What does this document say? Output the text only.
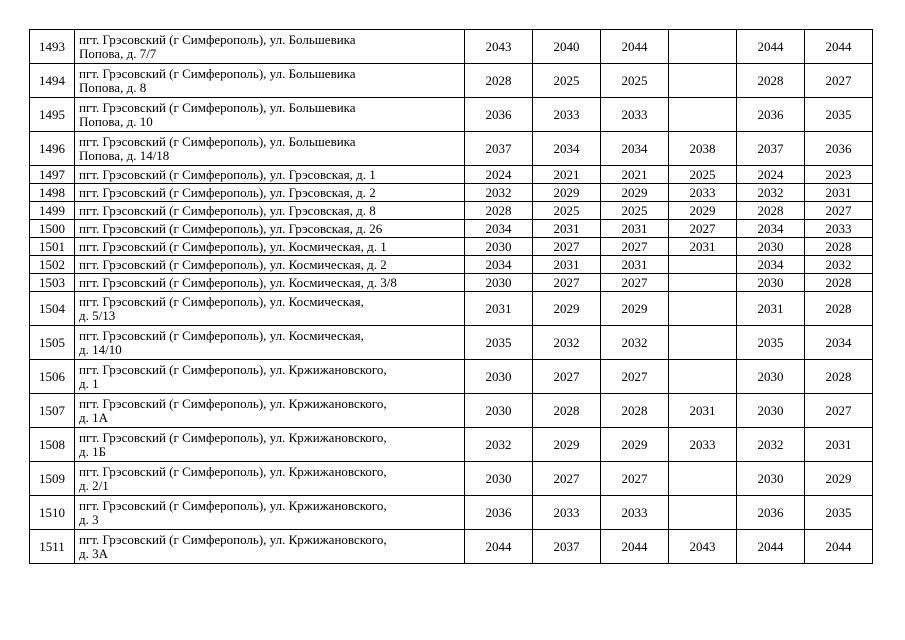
1493	пгт. Грэсовский (г Симферополь), ул. Большевика
Попова, д. 7/7	2043	2040	2044		2044	2044
1494	пгт. Грэсовский (г Симферополь), ул. Большевика
Попова, д. 8	2028	2025	2025		2028	2027
1495	пгт. Грэсовский (г Симферополь), ул. Большевика
Попова, д. 10	2036	2033	2033		2036	2035
1496	пгт. Грэсовский (г Симферополь), ул. Большевика
Попова, д. 14/18	2037	2034	2034	2038	2037	2036
1497	пгт. Грэсовский (г Симферополь), ул. Грэсовская, д. 1	2024	2021	2021	2025	2024	2023
1498	пгт. Грэсовский (г Симферополь), ул. Грэсовская, д. 2	2032	2029	2029	2033	2032	2031
1499	пгт. Грэсовский (г Симферополь), ул. Грэсовская, д. 8	2028	2025	2025	2029	2028	2027
1500	пгт. Грэсовский (г Симферополь), ул. Грэсовская, д. 26	2034	2031	2031	2027	2034	2033
1501	пгт. Грэсовский (г Симферополь), ул. Космическая, д. 1	2030	2027	2027	2031	2030	2028
1502	пгт. Грэсовский (г Симферополь), ул. Космическая, д. 2	2034	2031	2031		2034	2032
1503	пгт. Грэсовский (г Симферополь), ул. Космическая, д. 3/8	2030	2027	2027		2030	2028
1504	пгт. Грэсовский (г Симферополь), ул. Космическая,
д. 5/13	2031	2029	2029		2031	2028
1505	пгт. Грэсовский (г Симферополь), ул. Космическая,
д. 14/10	2035	2032	2032		2035	2034
1506	пгт. Грэсовский (г Симферополь), ул. Кржижановского,
д. 1	2030	2027	2027		2030	2028
1507	пгт. Грэсовский (г Симферополь), ул. Кржижановского,
д. 1А	2030	2028	2028	2031	2030	2027
1508	пгт. Грэсовский (г Симферополь), ул. Кржижановского,
д. 1Б	2032	2029	2029	2033	2032	2031
1509	пгт. Грэсовский (г Симферополь), ул. Кржижановского,
д. 2/1	2030	2027	2027		2030	2029
1510	пгт. Грэсовский (г Симферополь), ул. Кржижановского,
д. 3	2036	2033	2033		2036	2035
1511	пгт. Грэсовский (г Симферополь), ул. Кржижановского,
д. 3А	2044	2037	2044	2043	2044	2044
